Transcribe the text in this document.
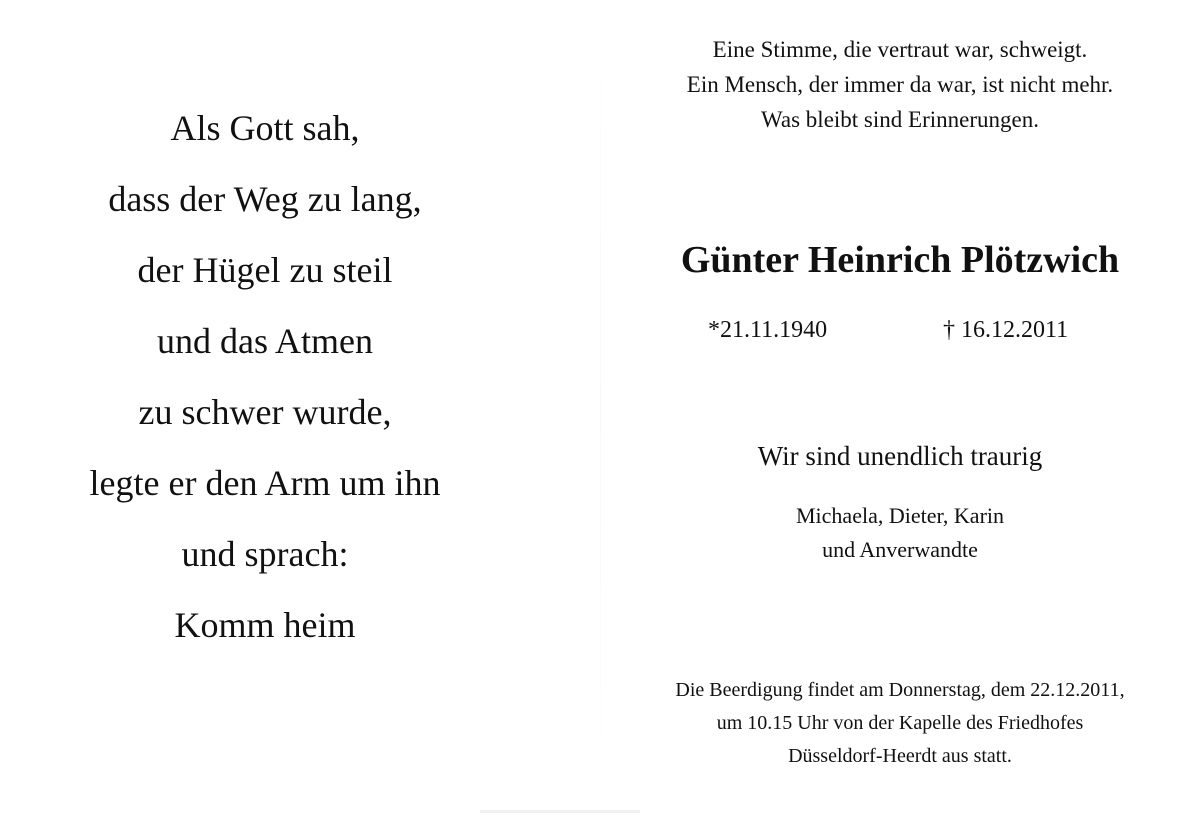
Als Gott sah,
dass der Weg zu lang,
der Hügel zu steil
und das Atmen
zu schwer wurde,
legte er den Arm um ihn
und sprach:
Komm heim
Eine Stimme, die vertraut war, schweigt.
Ein Mensch, der immer da war, ist nicht mehr.
Was bleibt sind Erinnerungen.
Günter Heinrich Plötzwich
*21.11.1940	† 16.12.2011
Wir sind unendlich traurig
Michaela, Dieter, Karin
und Anverwandte
Die Beerdigung findet am Donnerstag, dem 22.12.2011,
um 10.15 Uhr von der Kapelle des Friedhofes
Düsseldorf-Heerdt aus statt.
